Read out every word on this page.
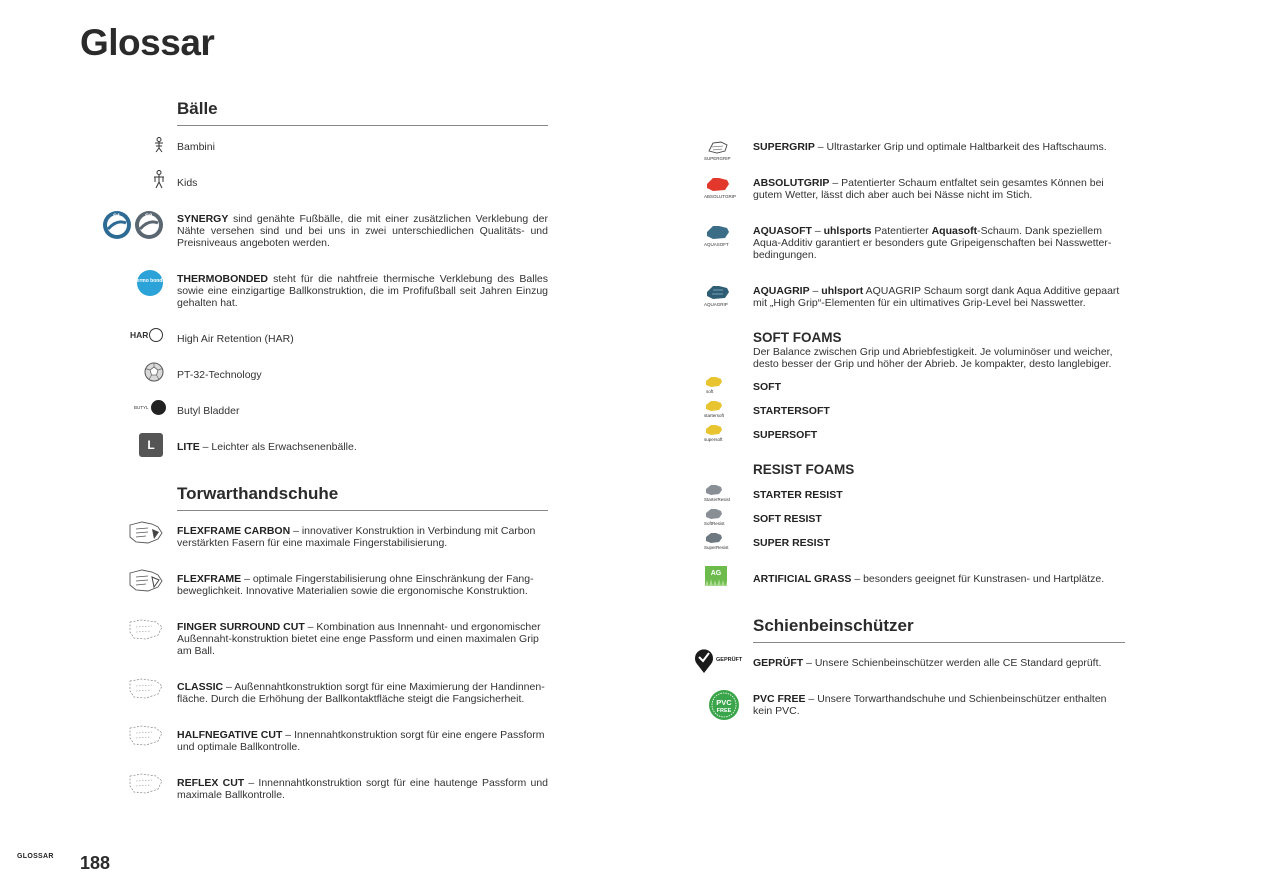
Glossar
Bälle
Bambini
Kids
S1	S8 SYNERGY sind genähte Fußbälle, die mit einer zusätzlichen Verklebung der Nähte versehen sind und bei uns in zwei unterschiedlichen Qualitäts- und Preisniveaus angeboten werden.
thermo bonded THERMOBONDED steht für die nahtfreie thermische Verklebung des Balles sowie eine einzigartige Ballkonstruktion, die im Profifußball seit Jahren Einzug gehalten hat.
HAR	High Air Retention (HAR)
PT-32-Technology
BUTYL	Butyl Bladder
L LITE – Leichter als Erwachsenenbälle.
Torwarthandschuhe
FLEXFRAME CARBON – innovativer Konstruktion in Verbindung mit Carbon verstärkten Fasern für eine maximale Fingerstabilisierung.
FLEXFRAME – optimale Fingerstabilisierung ohne Einschränkung der Fang-beweglichkeit. Innovative Materialien sowie die ergonomische Konstruktion.
FINGER SURROUND CUT – Kombination aus Innennaht- und ergonomischer Außennaht-konstruktion bietet eine enge Passform und einen maximalen Grip am Ball.
CLASSIC – Außennahtkonstruktion sorgt für eine Maximierung der Handinnen-fläche. Durch die Erhöhung der Ballkontaktfläche steigt die Fangsicherheit.
HALFNEGATIVE CUT – Innennahtkonstruktion sorgt für eine engere Passform und optimale Ballkontrolle.
REFLEX CUT – Innennahtkonstruktion sorgt für eine hautenge Passform und maximale Ballkontrolle.
SUPERGRIP
SUPERGRIP – Ultrastarker Grip und optimale Haltbarkeit des Haftschaums.
ABSOLUTGRIP
ABSOLUTGRIP – Patentierter Schaum entfaltet sein gesamtes Können bei gutem Wetter, lässt dich aber auch bei Nässe nicht im Stich.
AQUASOFT
AQUASOFT – uhlsports Patentierter Aquasoft-Schaum. Dank speziellem Aqua-Additiv garantiert er besonders gute Gripeigenschaften bei Nasswetter-bedingungen.
AQUAGRIP
AQUAGRIP – uhlsport AQUAGRIP Schaum sorgt dank Aqua Additive gepaart mit „High Grip“-Elementen für ein ultimatives Grip-Level bei Nasswetter.
SOFT FOAMS
Der Balance zwischen Grip und Abriebfestigkeit. Je voluminöser und weicher, desto besser der Grip und höher der Abrieb. Je kompakter, desto langlebiger.
soft	SOFT
startersoft	STARTERSOFT
supersoft	SUPERSOFT
RESIST FOAMS
StarterResist STARTER RESIST
SoftResist	SOFT RESIST
SuperResist SUPER RESIST
AG	ARTIFICIAL GRASS – besonders geeignet für Kunstrasen- und Hartplätze.
Schienbeinschützer
GEPRÜFT GEPRÜFT – Unsere Schienbeinschützer werden alle CE Standard geprüft.
PVC
FREE
PVC FREE – Unsere Torwarthandschuhe und Schienbeinschützer enthalten kein PVC.
GLOSSAR 188
